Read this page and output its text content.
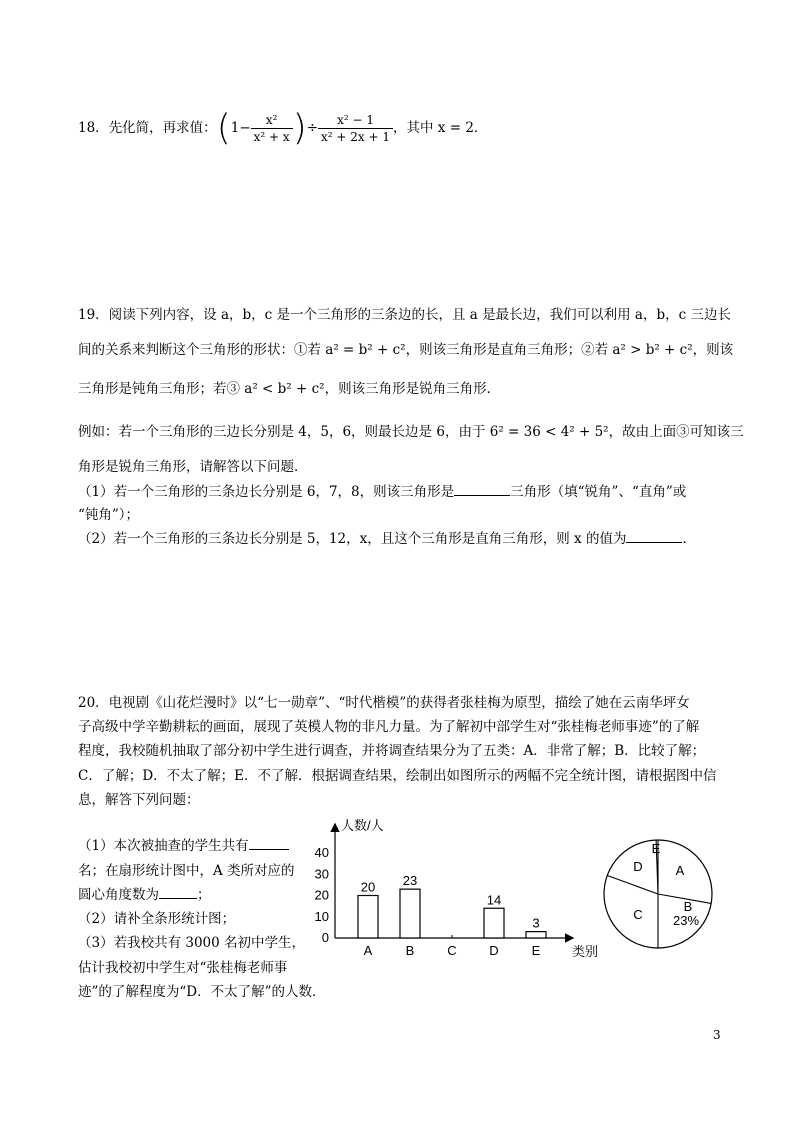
18．先化简，再求值：($1- \frac{\text{x²}}{\text{x² + x}}$ )÷ $\frac{\text{x² − 1}}{\text{x² + 2x + 1}}$ ，其中 x = 2．
19．阅读下列内容，设 a，b，c 是一个三角形的三条边的长，且 a 是最长边，我们可以利用 a，b，c 三边长
间的关系来判断这个三角形的形状：①若 a² = b² + c²，则该三角形是直角三角形；②若 a² > b² + c²，则该
三角形是钝角三角形；若③ a² < b² + c²，则该三角形是锐角三角形．
例如：若一个三角形的三边长分别是 4，5，6，则最长边是 6，由于 6² = 36 < 4² + 5²，故由上面③可知该三
角形是锐角三角形，请解答以下问题．
（1）若一个三角形的三条边长分别是 6，7，8，则该三角形是	三角形（填“锐角”、“直角”或
“钝角”）；
（2）若一个三角形的三条边长分别是 5，12，x，且这个三角形是直角三角形，则 x 的值为	．
20．电视剧《山花烂漫时》以“七一勋章”、“时代楷模”的获得者张桂梅为原型，描绘了她在云南华坪女
子高级中学辛勤耕耘的画面，展现了英模人物的非凡力量。为了解初中部学生对“张桂梅老师事迹”的了解
程度，我校随机抽取了部分初中学生进行调查，并将调查结果分为了五类：A．非常了解；B．比较了解；
C．了解；D．不太了解；E．不了解．根据调查结果，绘制出如图所示的两幅不完全统计图，请根据图中信
息，解答下列问题：
（1）本次被抽查的学生共有
名；在扇形统计图中，A 类所对应的
圆心角度数为	；
（2）请补全条形统计图；
（3）若我校共有 3000 名初中学生，
估计我校初中学生对“张桂梅老师事
迹”的了解程度为“D．不太了解”的人数．
0
10
20
30
40
A
20
B
23
C	D
14
E
3
人数/人
类别
A
B
C
D
E
23%
3
